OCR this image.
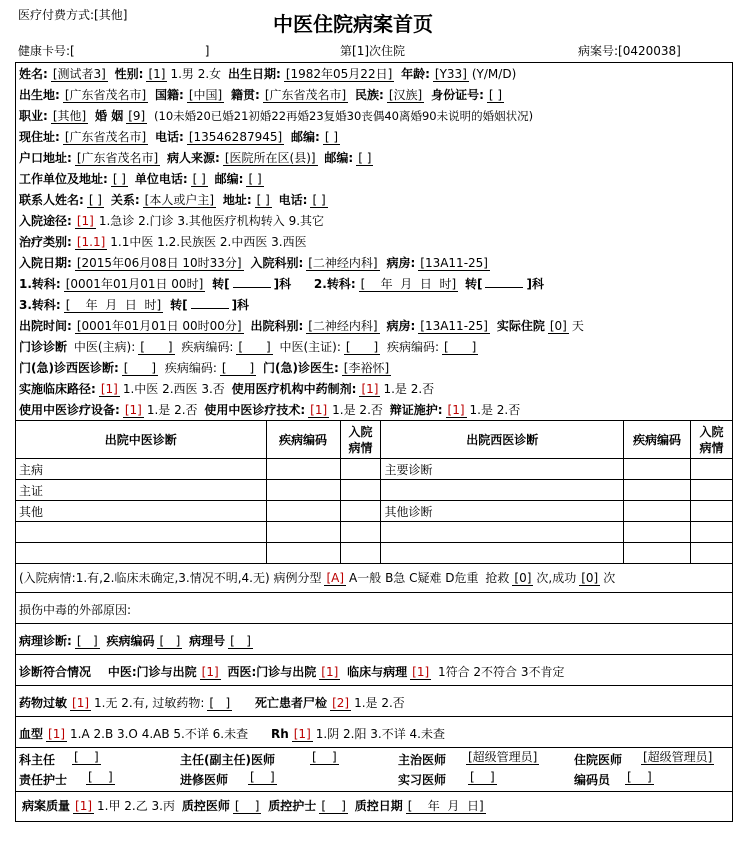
医疗付费方式:[其他]	中医住院病案首页
健康卡号:[	]	第[1]次住院	病案号:[0420038]
姓名: [测试者3] 性别: [1] 1.男 2.女 出生日期: [1982年05月22日] 年龄: [Y33] (Y/M/D)
出生地: [广东省茂名市] 国籍: [中国] 籍贯: [广东省茂名市] 民族: [汉族] 身份证号: [ ]
职业: [其他] 婚 姻 [9] (10未婚20已婚21初婚22再婚23复婚30丧偶40离婚90未说明的婚姻状况)
现住址: [广东省茂名市] 电话: [13546287945] 邮编: [ ]
户口地址: [广东省茂名市] 病人来源: [医院所在区(县)] 邮编: [ ]
工作单位及地址: [ ] 单位电话: [ ] 邮编: [ ]
联系人姓名: [ ] 关系: [本人或户主] 地址: [ ] 电话: [ ]
入院途径: [1] 1.急诊 2.门诊 3.其他医疗机构转入 9.其它
治疗类别: [1.1] 1.1中医 1.2.民族医 2.中西医 3.西医
入院日期: [2015年06月08日 10时33分] 入院科别: [二神经内科] 病房: [13A11-25]
1.转科: [0001年01月01日 00时] 转[	]科 2.转科: [    年  月  日  时] 转[	]科
3.转科: [    年  月  日  时] 转[	]科
出院时间: [0001年01月01日 00时00分] 出院科别: [二神经内科] 病房: [13A11-25] 实际住院 [0] 天
门诊诊断 中医(主病): [      ] 疾病编码: [      ] 中医(主证): [      ] 疾病编码: [      ]
门(急)诊西医诊断: [      ] 疾病编码: [      ] 门(急)诊医生: [李裕怀]
实施临床路径: [1] 1.中医 2.西医 3.否 使用医疗机构中药制剂: [1] 1.是 2.否
使用中医诊疗设备: [1] 1.是 2.否 使用中医诊疗技术: [1] 1.是 2.否 辩证施护: [1] 1.是 2.否
出院中医诊断	疾病编码	入院病情	出院西医诊断	疾病编码	入院病情
主病			主要诊断		
主证					
其他			其他诊断		

(入院病情:1.有,2.临床未确定,3.情况不明,4.无) 病例分型 [A] A一般 B急 C疑难 D危重 抢救 [0] 次,成功 [0] 次
损伤中毒的外部原因:
病理诊断: [   ] 疾病编码 [   ] 病理号 [   ]
诊断符合情况 中医:门诊与出院 [1] 西医:门诊与出院 [1] 临床与病理 [1] 1符合 2不符合 3不肯定
药物过敏 [1] 1.无 2.有, 过敏药物: [   ] 死亡患者尸检 [2] 1.是 2.否
血型 [1] 1.A 2.B 3.O 4.AB 5.不详 6.未查 Rh [1] 1.阴 2.阳 3.不详 4.未查
科主任 [    ]	主任(副主任)医师	[    ]	主治医师 [超级管理员]	住院医师 [超级管理员]
责任护士 [    ]	进修医师 [    ]	实习医师 [    ]	编码员 [    ]
病案质量 [1] 1.甲 2.乙 3.丙 质控医师 [    ] 质控护士 [    ] 质控日期 [    年  月  日]
